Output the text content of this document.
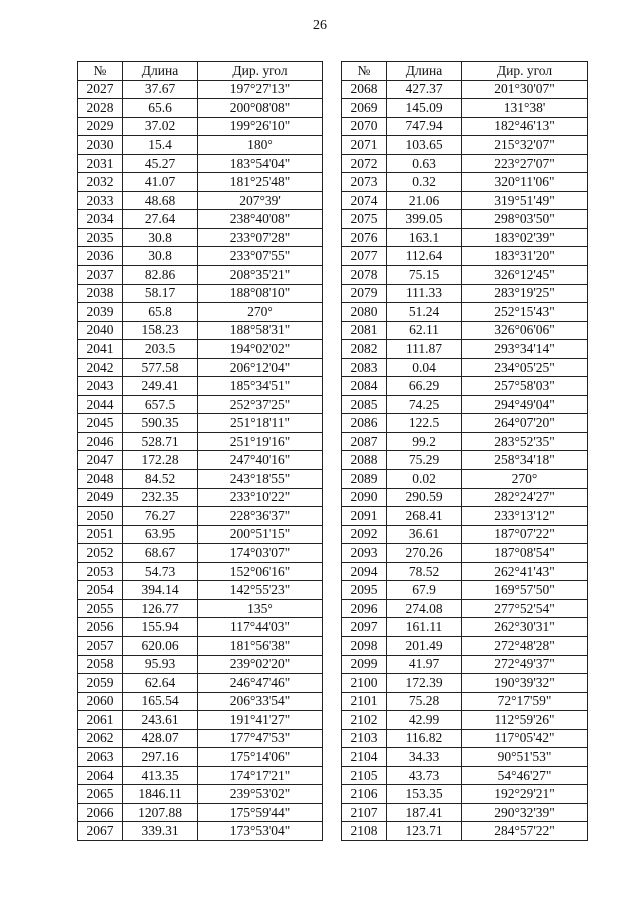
26
№	Длина	Дир. угол
2027	37.67	197°27'13"
2028	65.6	200°08'08"
2029	37.02	199°26'10"
2030	15.4	180°
2031	45.27	183°54'04"
2032	41.07	181°25'48"
2033	48.68	207°39'
2034	27.64	238°40'08"
2035	30.8	233°07'28"
2036	30.8	233°07'55"
2037	82.86	208°35'21"
2038	58.17	188°08'10"
2039	65.8	270°
2040	158.23	188°58'31"
2041	203.5	194°02'02"
2042	577.58	206°12'04"
2043	249.41	185°34'51"
2044	657.5	252°37'25"
2045	590.35	251°18'11"
2046	528.71	251°19'16"
2047	172.28	247°40'16"
2048	84.52	243°18'55"
2049	232.35	233°10'22"
2050	76.27	228°36'37"
2051	63.95	200°51'15"
2052	68.67	174°03'07"
2053	54.73	152°06'16"
2054	394.14	142°55'23"
2055	126.77	135°
2056	155.94	117°44'03"
2057	620.06	181°56'38"
2058	95.93	239°02'20"
2059	62.64	246°47'46"
2060	165.54	206°33'54"
2061	243.61	191°41'27"
2062	428.07	177°47'53"
2063	297.16	175°14'06"
2064	413.35	174°17'21"
2065	1846.11	239°53'02"
2066	1207.88	175°59'44"
2067	339.31	173°53'04"
№	Длина	Дир. угол
2068	427.37	201°30'07"
2069	145.09	131°38'
2070	747.94	182°46'13"
2071	103.65	215°32'07"
2072	0.63	223°27'07"
2073	0.32	320°11'06"
2074	21.06	319°51'49"
2075	399.05	298°03'50"
2076	163.1	183°02'39"
2077	112.64	183°31'20"
2078	75.15	326°12'45"
2079	111.33	283°19'25"
2080	51.24	252°15'43"
2081	62.11	326°06'06"
2082	111.87	293°34'14"
2083	0.04	234°05'25"
2084	66.29	257°58'03"
2085	74.25	294°49'04"
2086	122.5	264°07'20"
2087	99.2	283°52'35"
2088	75.29	258°34'18"
2089	0.02	270°
2090	290.59	282°24'27"
2091	268.41	233°13'12"
2092	36.61	187°07'22"
2093	270.26	187°08'54"
2094	78.52	262°41'43"
2095	67.9	169°57'50"
2096	274.08	277°52'54"
2097	161.11	262°30'31"
2098	201.49	272°48'28"
2099	41.97	272°49'37"
2100	172.39	190°39'32"
2101	75.28	72°17'59"
2102	42.99	112°59'26"
2103	116.82	117°05'42"
2104	34.33	90°51'53"
2105	43.73	54°46'27"
2106	153.35	192°29'21"
2107	187.41	290°32'39"
2108	123.71	284°57'22"
